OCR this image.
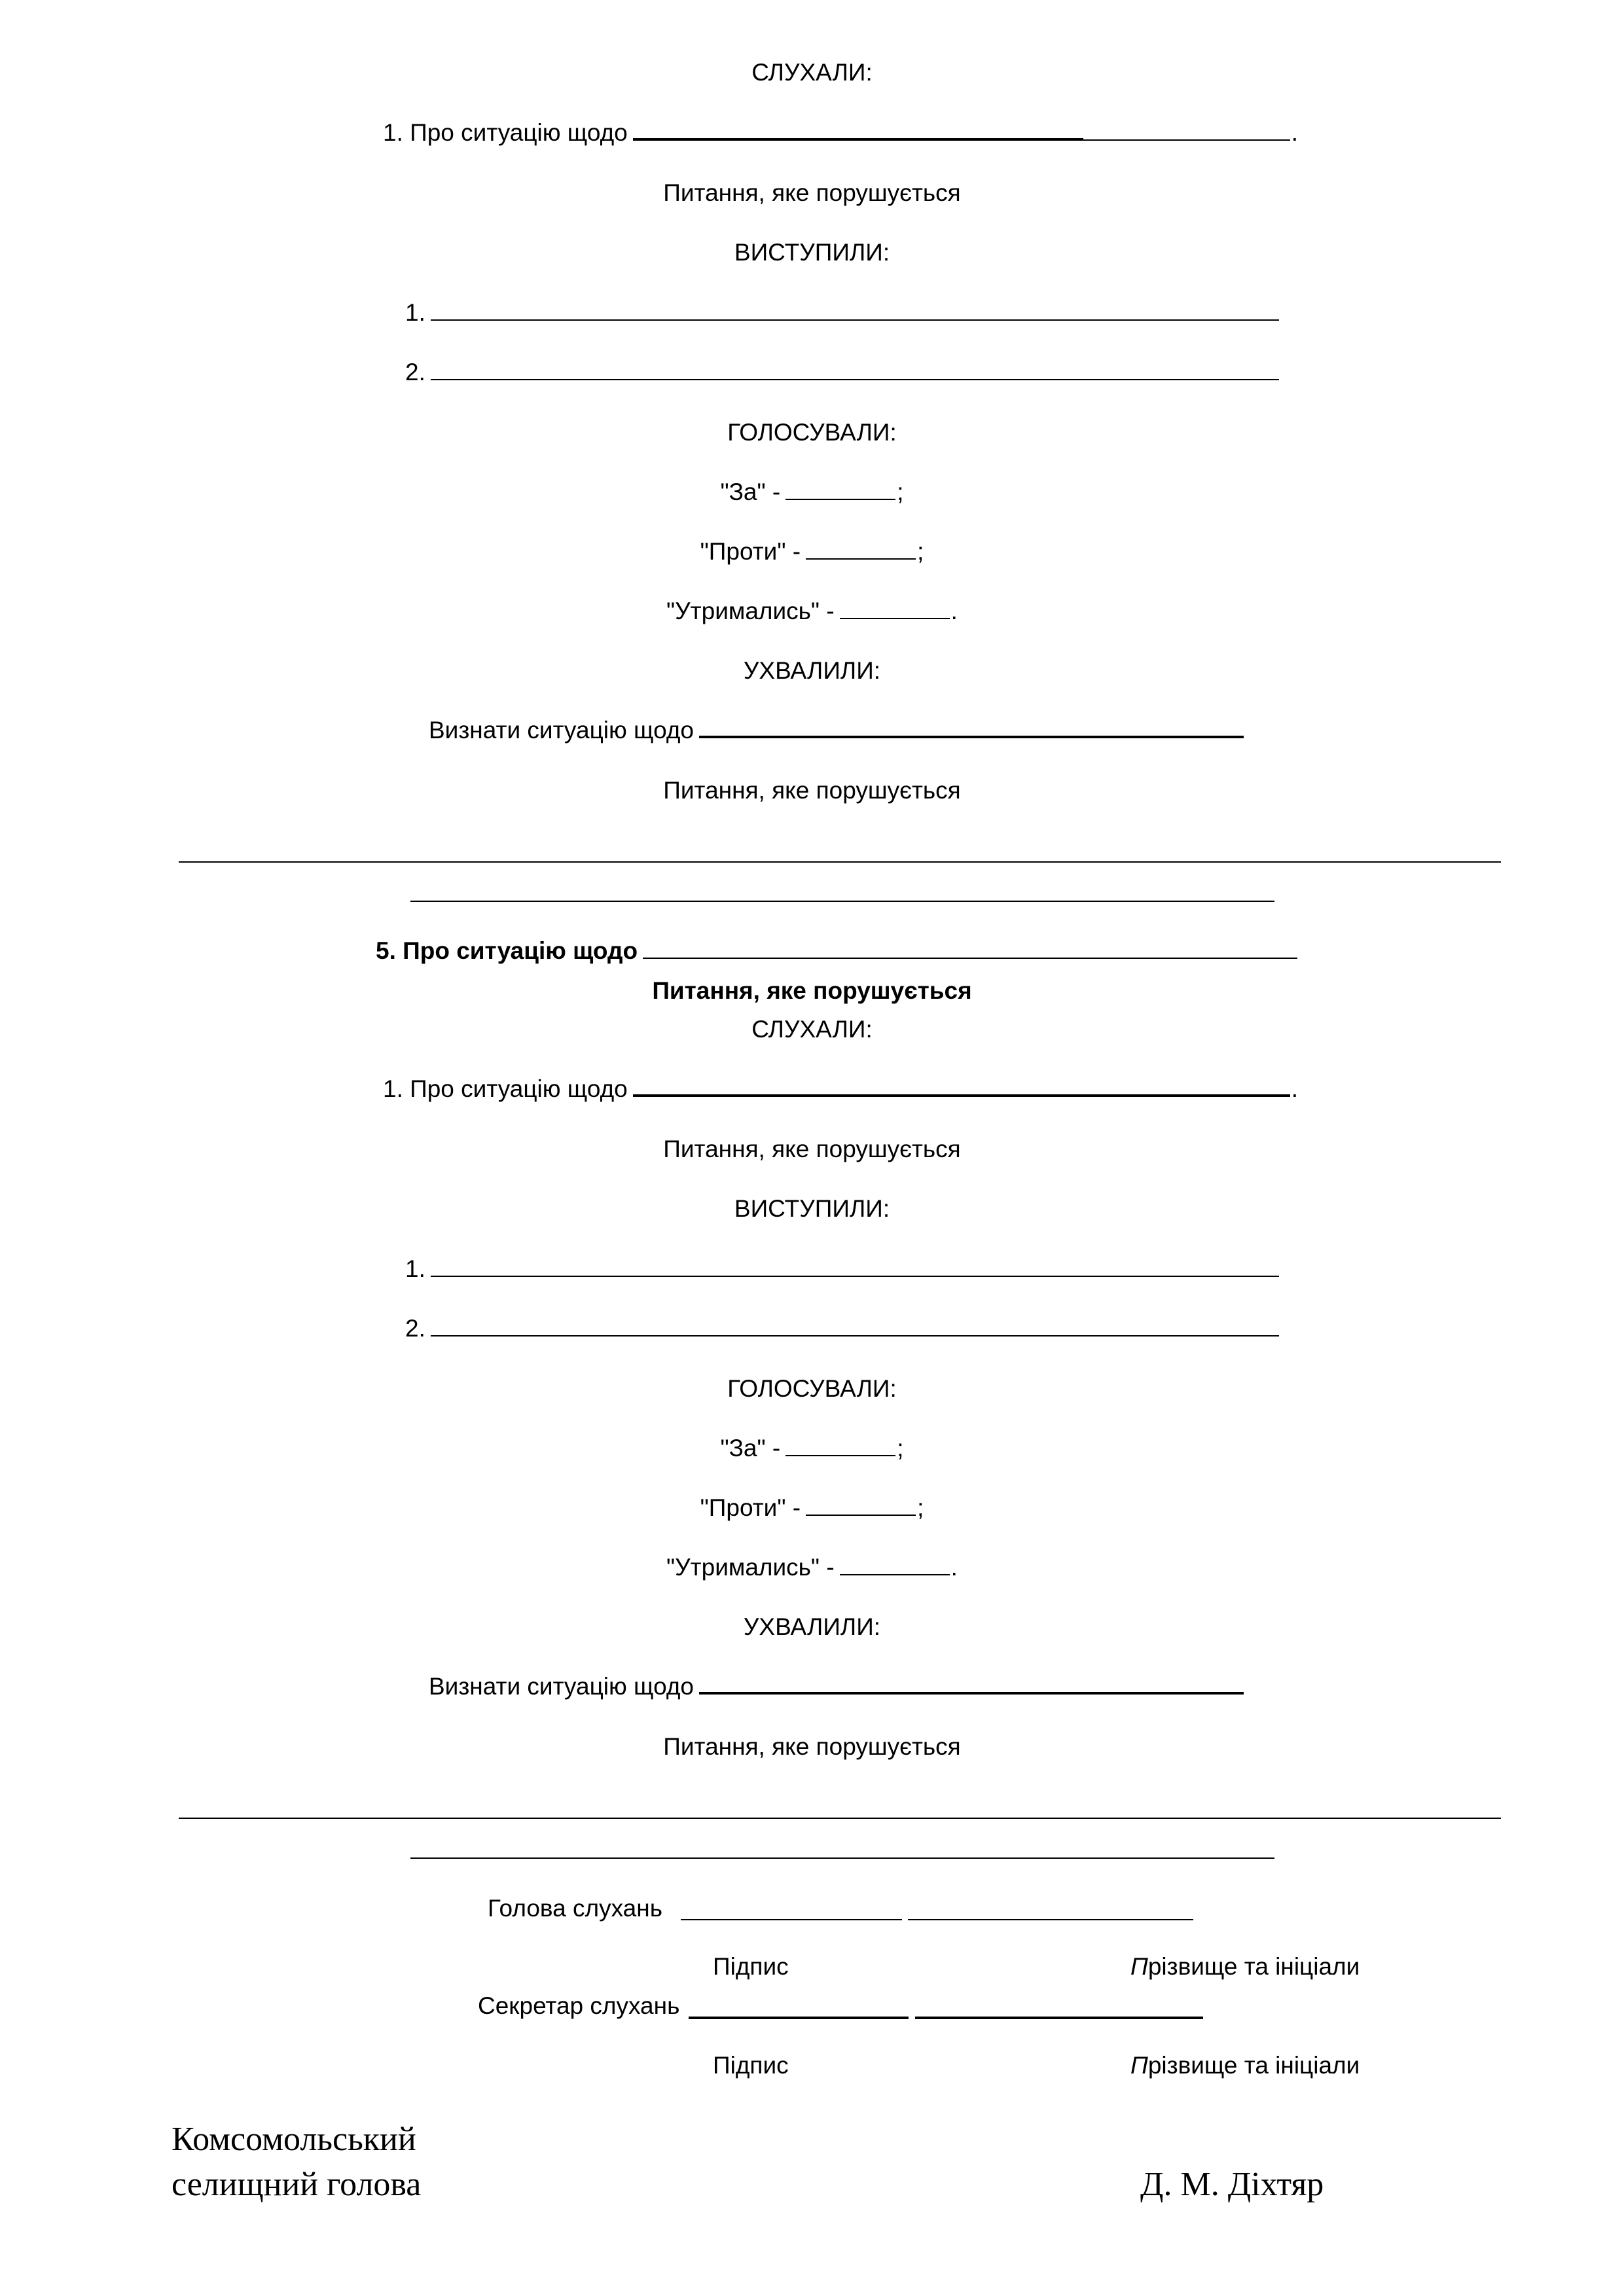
СЛУХАЛИ:
1. Про ситуацію щодо	.
Питання, яке порушується
ВИСТУПИЛИ:
1.
2.
ГОЛОСУВАЛИ:
"За" -	;
"Проти" -	;
"Утримались" -	.
УХВАЛИЛИ:
Визнати ситуацію щодо
Питання, яке порушується
5. Про ситуацію щодо
Питання, яке порушується
СЛУХАЛИ:
1. Про ситуацію щодо	.
Питання, яке порушується
ВИСТУПИЛИ:
1.
2.
ГОЛОСУВАЛИ:
"За" -	;
"Проти" -	;
"Утримались" -	.
УХВАЛИЛИ:
Визнати ситуацію щодо
Питання, яке порушується
Голова слухань
Підпис	Прізвище та ініціали
Секретар слухань
Підпис	Прізвище та ініціали
Комсомольський
селищний голова	Д. М. Діхтяр
